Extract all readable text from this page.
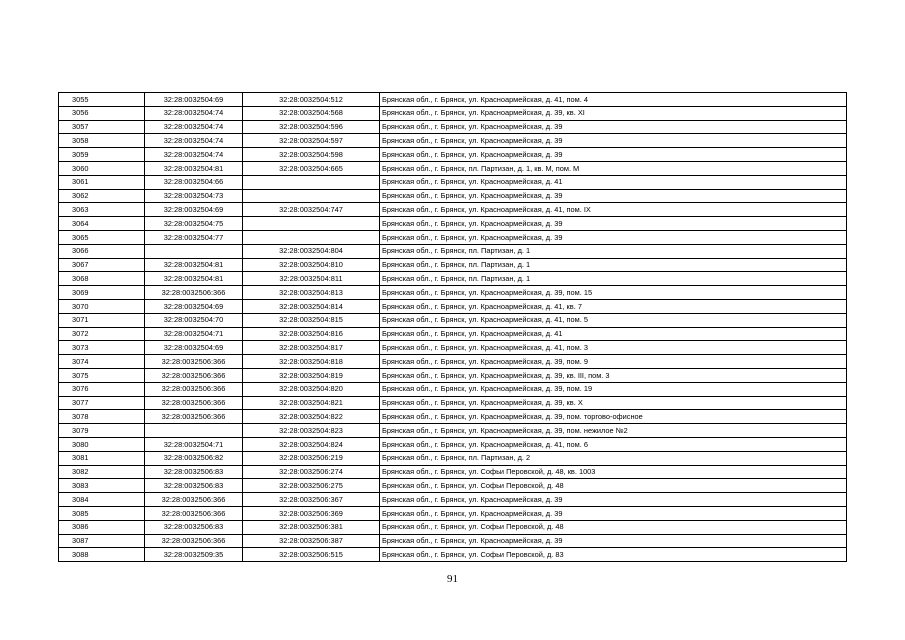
3055	32:28:0032504:69	32:28:0032504:512	Брянская обл., г. Брянск, ул. Красноармейская, д. 41, пом. 4
3056	32:28:0032504:74	32:28:0032504:568	Брянская обл., г. Брянск, ул. Красноармейская, д. 39, кв. XI
3057	32:28:0032504:74	32:28:0032504:596	Брянская обл., г. Брянск, ул. Красноармейская, д. 39
3058	32:28:0032504:74	32:28:0032504:597	Брянская обл., г. Брянск, ул. Красноармейская, д. 39
3059	32:28:0032504:74	32:28:0032504:598	Брянская обл., г. Брянск, ул. Красноармейская, д. 39
3060	32:28:0032504:81	32:28:0032504:665	Брянская обл., г. Брянск, пл. Партизан, д. 1, кв. М, пом. М
3061	32:28:0032504:66		Брянская обл., г. Брянск, ул. Красноармейская, д. 41
3062	32:28:0032504:73		Брянская обл., г. Брянск, ул. Красноармейская, д. 39
3063	32:28:0032504:69	32:28:0032504:747	Брянская обл., г. Брянск, ул. Красноармейская, д. 41, пом. IX
3064	32:28:0032504:75		Брянская обл., г. Брянск, ул. Красноармейская, д. 39
3065	32:28:0032504:77		Брянская обл., г. Брянск, ул. Красноармейская, д. 39
3066		32:28:0032504:804	Брянская обл., г. Брянск, пл. Партизан, д. 1
3067	32:28:0032504:81	32:28:0032504:810	Брянская обл., г. Брянск, пл. Партизан, д. 1
3068	32:28:0032504:81	32:28:0032504:811	Брянская обл., г. Брянск, пл. Партизан, д. 1
3069	32:28:0032506:366	32:28:0032504:813	Брянская обл., г. Брянск, ул. Красноармейская, д. 39, пом. 15
3070	32:28:0032504:69	32:28:0032504:814	Брянская обл., г. Брянск, ул. Красноармейская, д. 41, кв. 7
3071	32:28:0032504:70	32:28:0032504:815	Брянская обл., г. Брянск, ул. Красноармейская, д. 41, пом. 5
3072	32:28:0032504:71	32:28:0032504:816	Брянская обл., г. Брянск, ул. Красноармейская, д. 41
3073	32:28:0032504:69	32:28:0032504:817	Брянская обл., г. Брянск, ул. Красноармейская, д. 41, пом. 3
3074	32:28:0032506:366	32:28:0032504:818	Брянская обл., г. Брянск, ул. Красноармейская, д. 39, пом. 9
3075	32:28:0032506:366	32:28:0032504:819	Брянская обл., г. Брянск, ул. Красноармейская, д. 39, кв. III, пом. 3
3076	32:28:0032506:366	32:28:0032504:820	Брянская обл., г. Брянск, ул. Красноармейская, д. 39, пом. 19
3077	32:28:0032506:366	32:28:0032504:821	Брянская обл., г. Брянск, ул. Красноармейская, д. 39, кв. X
3078	32:28:0032506:366	32:28:0032504:822	Брянская обл., г. Брянск, ул. Красноармейская, д. 39, пом. торгово-офисное
3079		32:28:0032504:823	Брянская обл., г. Брянск, ул. Красноармейская, д. 39, пом. нежилое №2
3080	32:28:0032504:71	32:28:0032504:824	Брянская обл., г. Брянск, ул. Красноармейская, д. 41, пом. 6
3081	32:28:0032506:82	32:28:0032506:219	Брянская обл., г. Брянск, пл. Партизан, д. 2
3082	32:28:0032506:83	32:28:0032506:274	Брянская обл., г. Брянск, ул. Софьи Перовской, д. 48, кв. 1003
3083	32:28:0032506:83	32:28:0032506:275	Брянская обл., г. Брянск, ул. Софьи Перовской, д. 48
3084	32:28:0032506:366	32:28:0032506:367	Брянская обл., г. Брянск, ул. Красноармейская, д. 39
3085	32:28:0032506:366	32:28:0032506:369	Брянская обл., г. Брянск, ул. Красноармейская, д. 39
3086	32:28:0032506:83	32:28:0032506:381	Брянская обл., г. Брянск, ул. Софьи Перовской, д. 48
3087	32:28:0032506:366	32:28:0032506:387	Брянская обл., г. Брянск, ул. Красноармейская, д. 39
3088	32:28:0032509:35	32:28:0032506:515	Брянская обл., г. Брянск, ул. Софьи Перовской, д. 83
91
